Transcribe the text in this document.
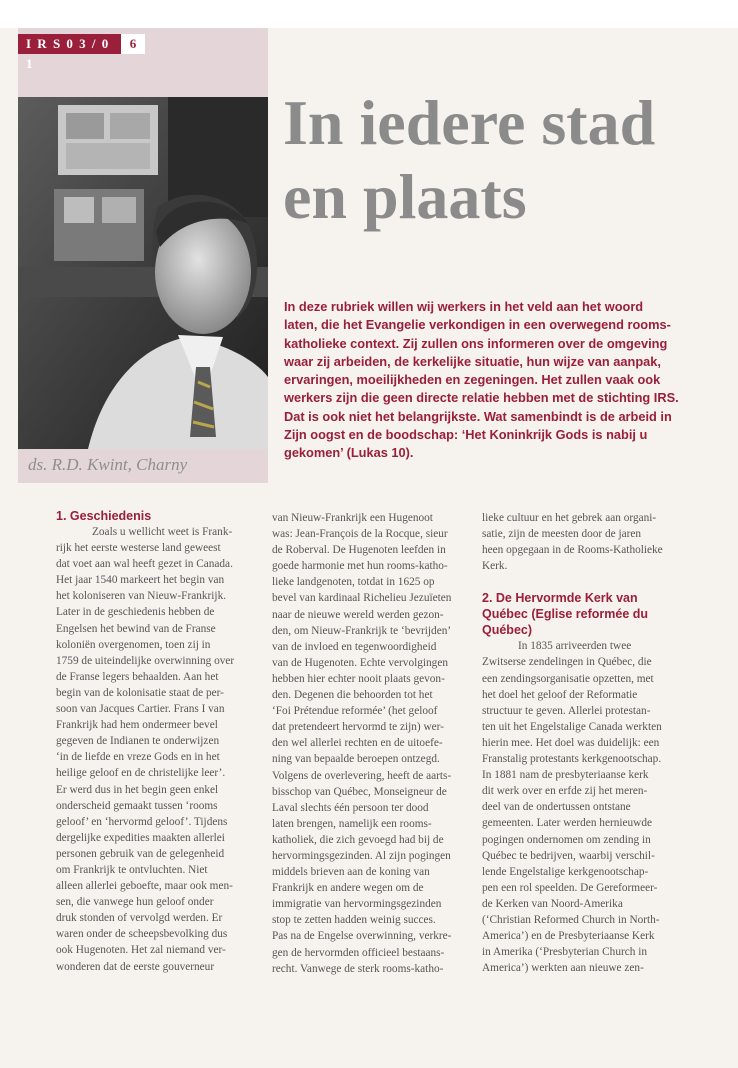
I R S 0 3 / 0 1
6
ds. R.D. Kwint, Charny
In iedere stad
en plaats
In deze rubriek willen wij werkers in het veld aan het woord
laten, die het Evangelie verkondigen in een overwegend rooms-
katholieke context. Zij zullen ons informeren over de omgeving
waar zij arbeiden, de kerkelijke situatie, hun wijze van aanpak,
ervaringen, moeilijkheden en zegeningen. Het zullen vaak ook
werkers zijn die geen directe relatie hebben met de stichting IRS.
Dat is ook niet het belangrijkste. Wat samenbindt is de arbeid in
Zijn oogst en de boodschap: ‘Het Koninkrijk Gods is nabij u
gekomen’ (Lukas 10).
1. Geschiedenis
Zoals u wellicht weet is Frank-
rijk het eerste westerse land geweest
dat voet aan wal heeft gezet in Canada.
Het jaar 1540 markeert het begin van
het koloniseren van Nieuw-Frankrijk.
Later in de geschiedenis hebben de
Engelsen het bewind van de Franse
koloniën overgenomen, toen zij in
1759 de uiteindelijke overwinning over
de Franse legers behaalden. Aan het
begin van de kolonisatie staat de per-
soon van Jacques Cartier. Frans I van
Frankrijk had hem ondermeer bevel
gegeven de Indianen te onderwijzen
‘in de liefde en vreze Gods en in het
heilige geloof en de christelijke leer’.
Er werd dus in het begin geen enkel
onderscheid gemaakt tussen ‘rooms
geloof’ en ‘hervormd geloof’. Tijdens
dergelijke expedities maakten allerlei
personen gebruik van de gelegenheid
om Frankrijk te ontvluchten. Niet
alleen allerlei geboefte, maar ook men-
sen, die vanwege hun geloof onder
druk stonden of vervolgd werden. Er
waren onder de scheepsbevolking dus
ook Hugenoten. Het zal niemand ver-
wonderen dat de eerste gouverneur
van Nieuw-Frankrijk een Hugenoot
was: Jean-François de la Rocque, sieur
de Roberval. De Hugenoten leefden in
goede harmonie met hun rooms-katho-
lieke landgenoten, totdat in 1625 op
bevel van kardinaal Richelieu Jezuïeten
naar de nieuwe wereld werden gezon-
den, om Nieuw-Frankrijk te ‘bevrijden’
van de invloed en tegenwoordigheid
van de Hugenoten. Echte vervolgingen
hebben hier echter nooit plaats gevon-
den. Degenen die behoorden tot het
‘Foi Prétendue reformée’ (het geloof
dat pretendeert hervormd te zijn) wer-
den wel allerlei rechten en de uitoefe-
ning van bepaalde beroepen ontzegd.
Volgens de overlevering, heeft de aarts-
bisschop van Québec, Monseigneur de
Laval slechts één persoon ter dood
laten brengen, namelijk een rooms-
katholiek, die zich gevoegd had bij de
hervormingsgezinden. Al zijn pogingen
middels brieven aan de koning van
Frankrijk en andere wegen om de
immigratie van hervormingsgezinden
stop te zetten hadden weinig succes.
Pas na de Engelse overwinning, verkre-
gen de hervormden officieel bestaans-
recht. Vanwege de sterk rooms-katho-
lieke cultuur en het gebrek aan organi-
satie, zijn de meesten door de jaren
heen opgegaan in de Rooms-Katholieke
Kerk.
2. De Hervormde Kerk van
Québec (Eglise reformée du
Québec)
In 1835 arriveerden twee
Zwitserse zendelingen in Québec, die
een zendingsorganisatie opzetten, met
het doel het geloof der Reformatie
structuur te geven. Allerlei protestan-
ten uit het Engelstalige Canada werkten
hierin mee. Het doel was duidelijk: een
Franstalig protestants kerkgenootschap.
In 1881 nam de presbyteriaanse kerk
dit werk over en erfde zij het meren-
deel van de ondertussen ontstane
gemeenten. Later werden hernieuwde
pogingen ondernomen om zending in
Québec te bedrijven, waarbij verschil-
lende Engelstalige kerkgenootschap-
pen een rol speelden. De Gereformeer-
de Kerken van Noord-Amerika
(‘Christian Reformed Church in North-
America’) en de Presbyteriaanse Kerk
in Amerika (‘Presbyterian Church in
America’) werkten aan nieuwe zen-
